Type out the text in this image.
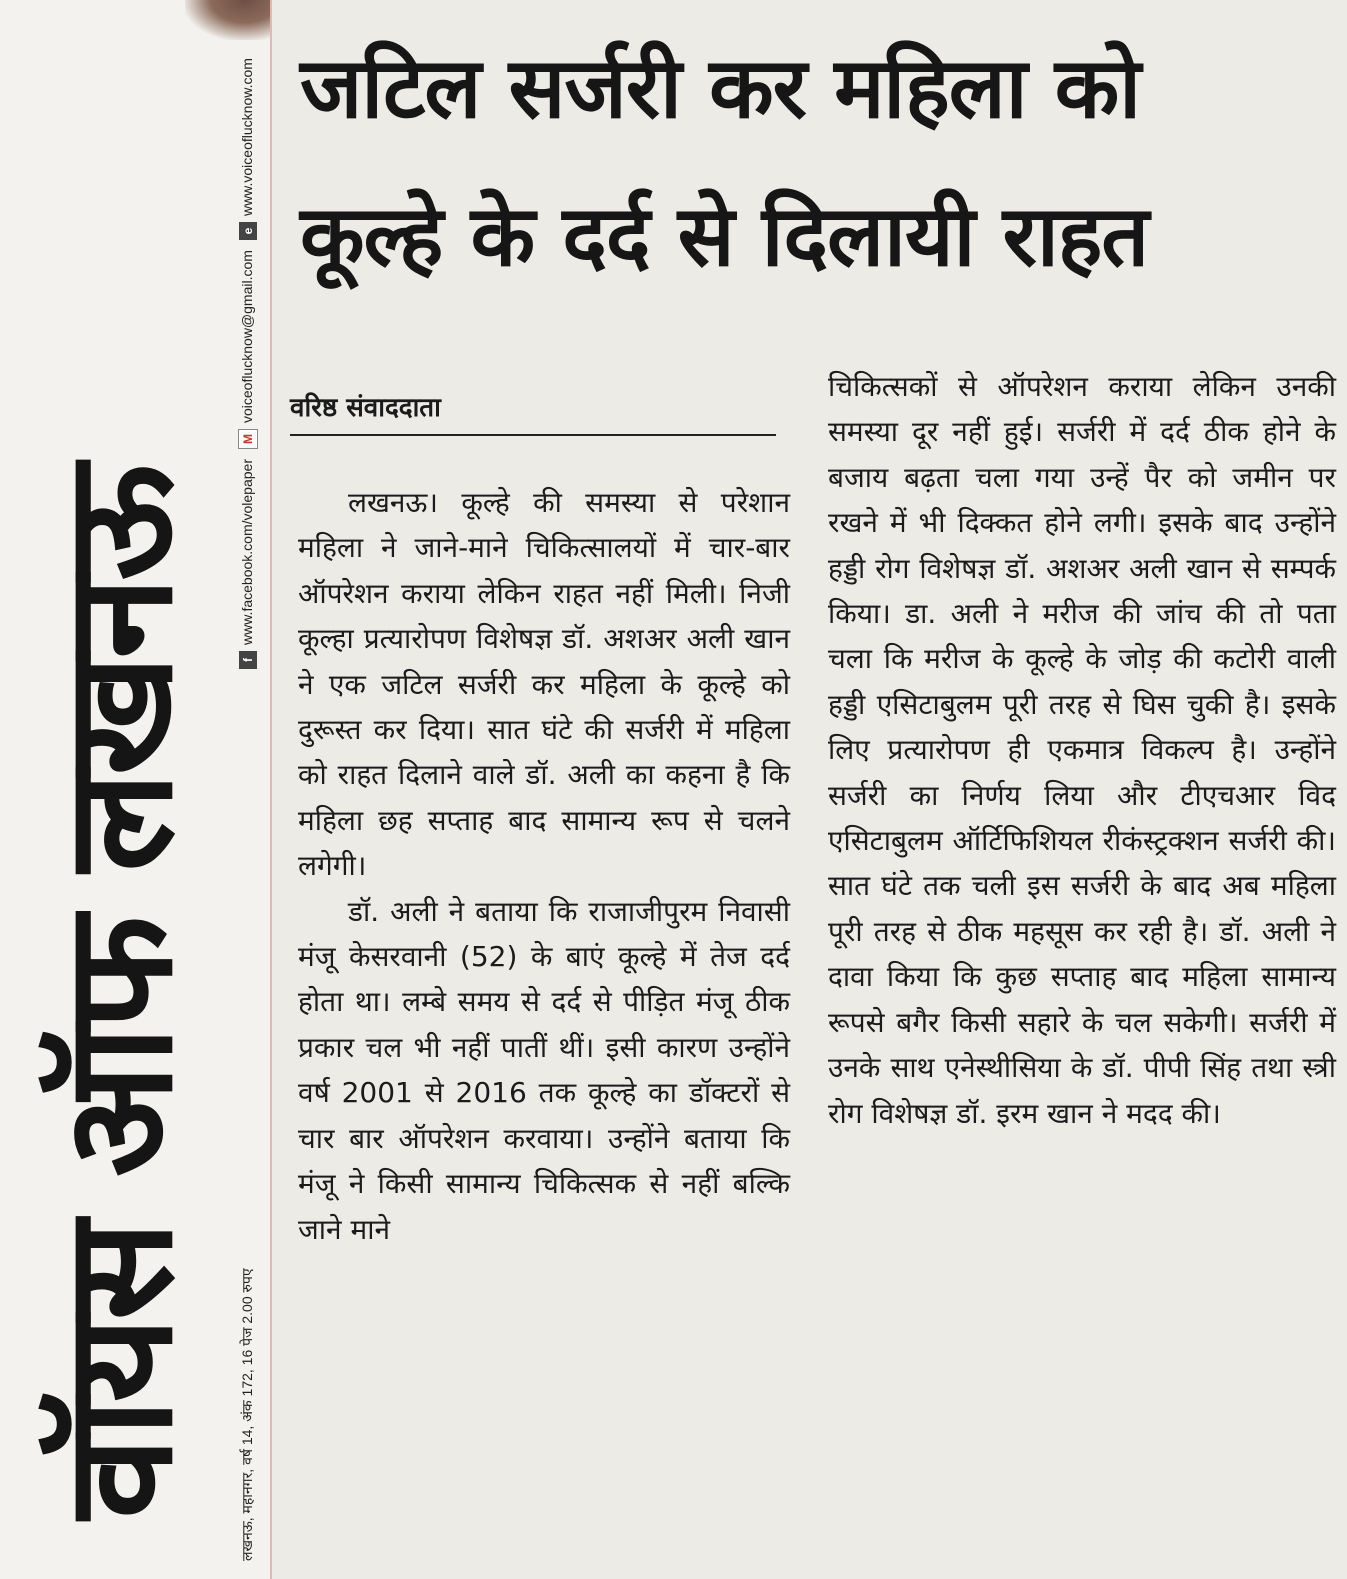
वॉयस ऑफ लखनऊ	लखनऊ, महानगर, वर्ष 14, अंक 172, 16 पेज 2.00 रुपए
fwww.facebook.com/volepaperMvoiceoflucknow@gmail.comewww.voiceoflucknow.com जटिल सर्जरी कर महिला को
कूल्हे के दर्द से दिलायी राहत
वरिष्ठ संवाददाता

लखनऊ। कूल्हे की समस्या से परेशान महिला ने जाने-माने चिकित्सालयों में चार-बार ऑपरेशन कराया लेकिन राहत नहीं मिली। निजी कूल्हा प्रत्यारोपण विशेषज्ञ डॉ. अशअर अली खान ने एक जटिल सर्जरी कर महिला के कूल्हे को दुरूस्त कर दिया। सात घंटे की सर्जरी में महिला को राहत दिलाने वाले डॉ. अली का कहना है कि महिला छह सप्ताह बाद सामान्य रूप से चलने लगेगी।

डॉ. अली ने बताया कि राजाजीपुरम निवासी मंजू केसरवानी (52) के बाएं कूल्हे में तेज दर्द होता था। लम्बे समय से दर्द से पीड़ित मंजू ठीक प्रकार चल भी नहीं पातीं थीं। इसी कारण उन्होंने वर्ष 2001 से 2016 तक कूल्हे का डॉक्टरों से चार बार ऑपरेशन करवाया। उन्होंने बताया कि मंजू ने किसी सामान्य चिकित्सक से नहीं बल्कि जाने माने

चिकित्सकों से ऑपरेशन कराया लेकिन उनकी समस्या दूर नहीं हुई। सर्जरी में दर्द ठीक होने के बजाय बढ़ता चला गया उन्हें पैर को जमीन पर रखने में भी दिक्कत होने लगी। इसके बाद उन्होंने हड्डी रोग विशेषज्ञ डॉ. अशअर अली खान से सम्पर्क किया। डा. अली ने मरीज की जांच की तो पता चला कि मरीज के कूल्हे के जोड़ की कटोरी वाली हड्डी एसिटाबुलम पूरी तरह से घिस चुकी है। इसके लिए प्रत्यारोपण ही एकमात्र विकल्प है। उन्होंने सर्जरी का निर्णय लिया और टीएचआर विद एसिटाबुलम ऑर्टिफिशियल रीकंस्ट्रक्शन सर्जरी की। सात घंटे तक चली इस सर्जरी के बाद अब महिला पूरी तरह से ठीक महसूस कर रही है। डॉ. अली ने दावा किया कि कुछ सप्ताह बाद महिला सामान्य रूपसे बगैर किसी सहारे के चल सकेगी। सर्जरी में उनके साथ एनेस्थीसिया के डॉ. पीपी सिंह तथा स्त्री रोग विशेषज्ञ डॉ. इरम खान ने मदद की।
